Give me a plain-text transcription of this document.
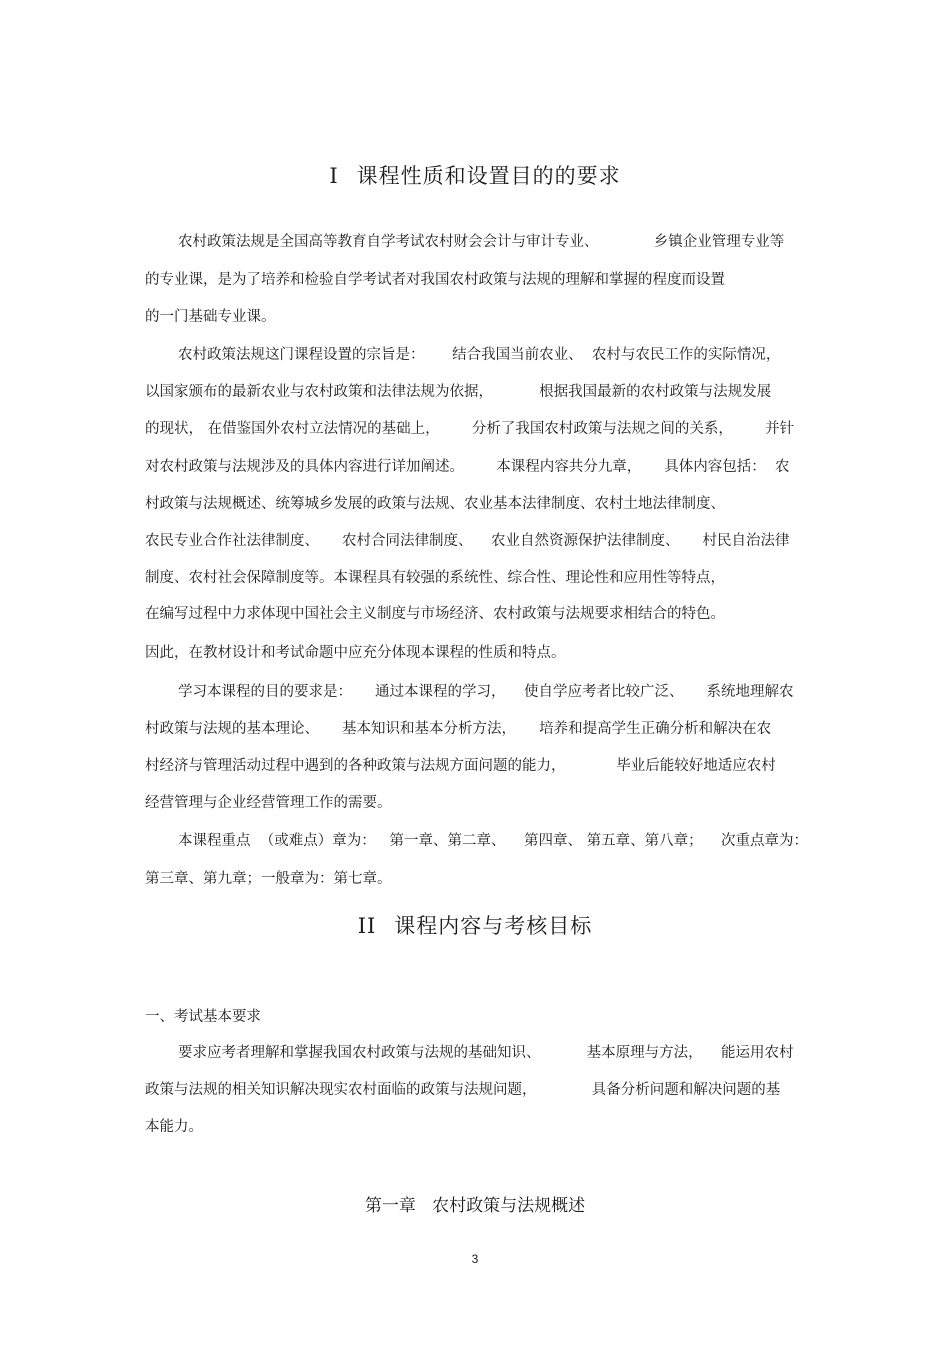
I 课程性质和设置目的的要求
农村政策法规是全国高等教育自学考试农村财会会计与审计专业、            乡镇企业管理专业等
的专业课，是为了培养和检验自学考试者对我国农村政策与法规的理解和掌握的程度而设置
的一门基础专业课。
农村政策法规这门课程设置的宗旨是：      结合我国当前农业、  农村与农民工作的实际情况，
以国家颁布的最新农业与农村政策和法律法规为依据，          根据我国最新的农村政策与法规发展
的现状， 在借鉴国外农村立法情况的基础上，       分析了我国农村政策与法规之间的关系，       并针
对农村政策与法规涉及的具体内容进行详加阐述。       本课程内容共分九章，     具体内容包括：  农
村政策与法规概述、统筹城乡发展的政策与法规、农业基本法律制度、农村土地法律制度、
农民专业合作社法律制度、     农村合同法律制度、    农业自然资源保护法律制度、     村民自治法律
制度、农村社会保障制度等。本课程具有较强的系统性、综合性、理论性和应用性等特点，
在编写过程中力求体现中国社会主义制度与市场经济、农村政策与法规要求相结合的特色。
因此，在教材设计和考试命题中应充分体现本课程的性质和特点。
学习本课程的目的要求是：     通过本课程的学习，    使自学应考者比较广泛、     系统地理解农
村政策与法规的基本理论、     基本知识和基本分析方法，     培养和提高学生正确分析和解决在农
村经济与管理活动过程中遇到的各种政策与法规方面问题的能力，           毕业后能较好地适应农村
经营管理与企业经营管理工作的需要。
本课程重点  （或难点）章为：   第一章、第二章、    第四章、 第五章、第八章；    次重点章为：
第三章、第九章；一般章为：第七章。
II 课程内容与考核目标
一、考试基本要求
要求应考者理解和掌握我国农村政策与法规的基础知识、          基本原理与方法，    能运用农村
政策与法规的相关知识解决现实农村面临的政策与法规问题，            具备分析问题和解决问题的基
本能力。
第一章   农村政策与法规概述
3
